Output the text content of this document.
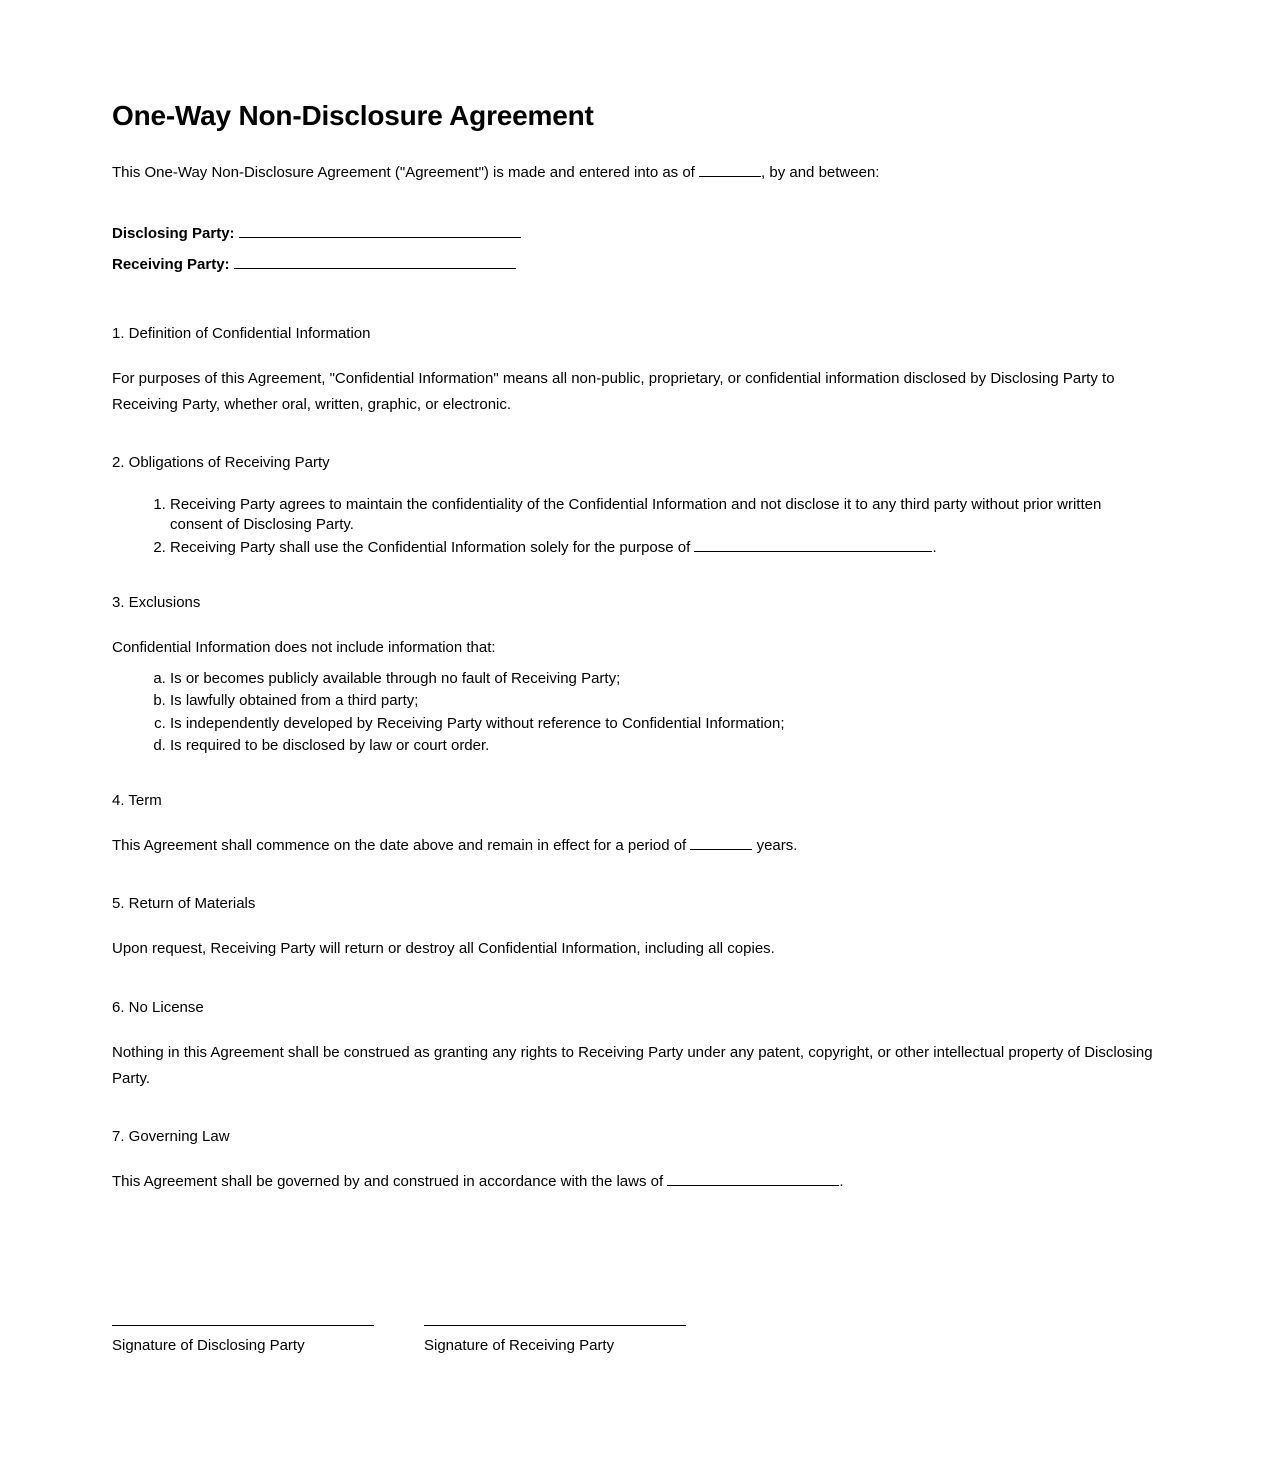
One-Way Non-Disclosure Agreement

This One-Way Non-Disclosure Agreement ("Agreement") is made and entered into as of	, by and between:

Disclosing Party:
Receiving Party:
1. Definition of Confidential Information

For purposes of this Agreement, "Confidential Information" means all non-public, proprietary, or confidential information disclosed by Disclosing Party to Receiving Party, whether oral, written, graphic, or electronic.

2. Obligations of Receiving Party
1. Receiving Party agrees to maintain the confidentiality of the Confidential Information and not disclose it to any third party without prior written consent of Disclosing Party.
2. Receiving Party shall use the Confidential Information solely for the purpose of	.
3. Exclusions

Confidential Information does not include information that:

a. Is or becomes publicly available through no fault of Receiving Party;
b. Is lawfully obtained from a third party;
c. Is independently developed by Receiving Party without reference to Confidential Information;
d. Is required to be disclosed by law or court order.
4. Term

This Agreement shall commence on the date above and remain in effect for a period of	years.

5. Return of Materials

Upon request, Receiving Party will return or destroy all Confidential Information, including all copies.

6. No License

Nothing in this Agreement shall be construed as granting any rights to Receiving Party under any patent, copyright, or other intellectual property of Disclosing Party.

7. Governing Law

This Agreement shall be governed by and construed in accordance with the laws of	.

Signature of Disclosing Party	Signature of Receiving Party
